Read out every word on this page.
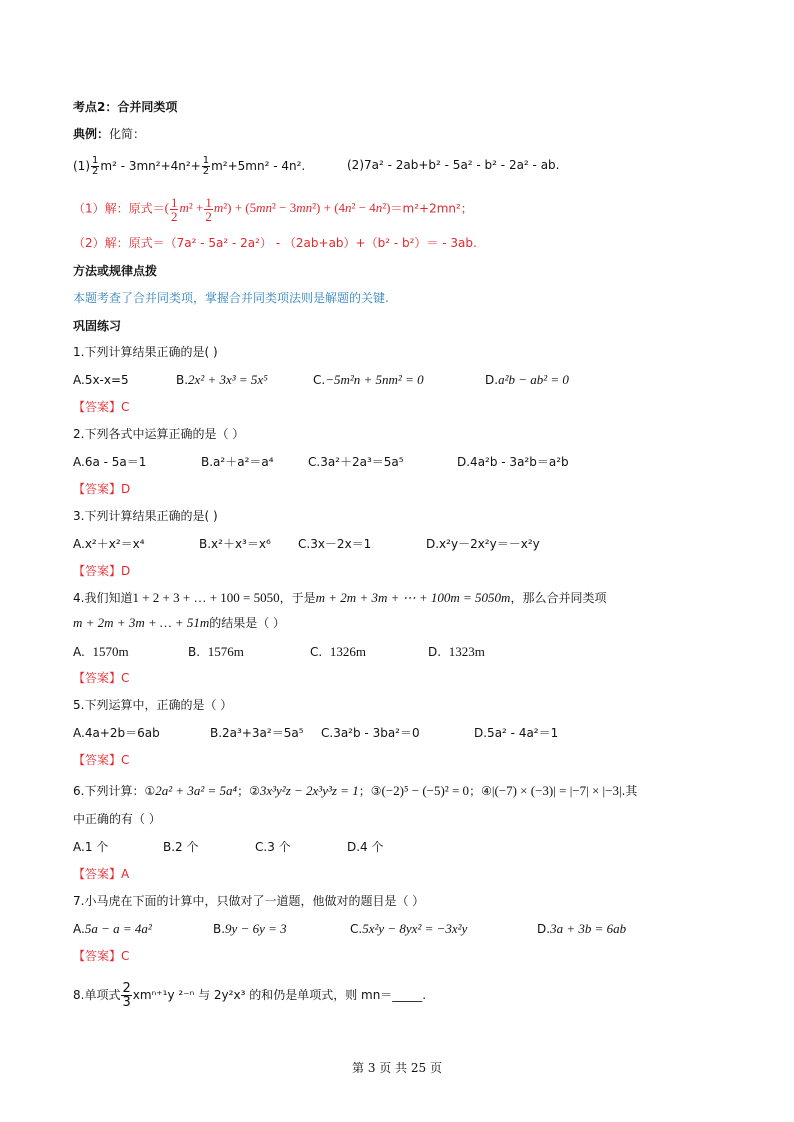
考点2：合并同类项
典例：化简：
$(1) \frac{1}{2} m^2 - 3mn^2+4n^2+ \frac{1}{2} m^2+5mn^2 - 4n^2$.	(2)7a² - 2ab+b² - 5a² - b² - 2a² - ab.
（1）解：原式＝( $\frac{1}{2} m^2 + \frac{1}{2} m^2) + (5mn^2 - 3mn^2) + (4n^2 - 4n^2)=m^2+2mn^2$；
（2）解：原式＝（7a² - 5a² - 2a²） - （2ab+ab）+（b² - b²）＝ - 3ab.
方法或规律点拨
本题考查了合并同类项，掌握合并同类项法则是解题的关键.
巩固练习
1.下列计算结果正确的是( )
A.5x-x=5	B.2x² + 3x³ = 5x⁵	C.−5m²n + 5nm² = 0	D.a²b − ab² = 0
【答案】C
2.下列各式中运算正确的是（ ）
A.6a - 5a＝1	B.a²＋a²＝a⁴	C.3a²＋2a³＝5a⁵	D.4a²b - 3a²b＝a²b
【答案】D
3.下列计算结果正确的是( )
A.x²＋x²＝x⁴	B.x²＋x³＝x⁶ C.3x－2x＝1	D.x²y－2x²y＝－x²y
【答案】D
4.我们知道1 + 2 + 3 + … + 100 = 5050，于是m + 2m + 3m + ⋯ + 100m = 5050m，那么合并同类项
m + 2m + 3m + … + 51m的结果是（ ）
A. 1570m	B. 1576m	C. 1326m	D. 1323m
【答案】C
5.下列运算中，正确的是（ ）
A.4a+2b＝6ab	B.2a³+3a²＝5a⁵ C.3a²b - 3ba²＝0	D.5a² - 4a²＝1
【答案】C
6.下列计算：①2a² + 3a² = 5a⁴；②3x³y²z − 2x³y³z = 1；③(−2)⁵ − (−5)² = 0；④|(−7) × (−3)| = |−7| × |−3|.其
中正确的有（ ）
A.1 个	B.2 个	C.3 个	D.4 个
【答案】A
7.小马虎在下面的计算中，只做对了一道题，他做对的题目是（ ）
A.5a − a = 4a²	B.9y − 6y = 3	C.5x²y − 8yx² = −3x²y	D.3a + 3b = 6ab
【答案】C
8.单项式 $\frac{2}{3} xm^{n+1}y$ ²⁻ⁿ 与 2y²x³ 的和仍是单项式，则 mn＝_____.
第 3 页 共 25 页
